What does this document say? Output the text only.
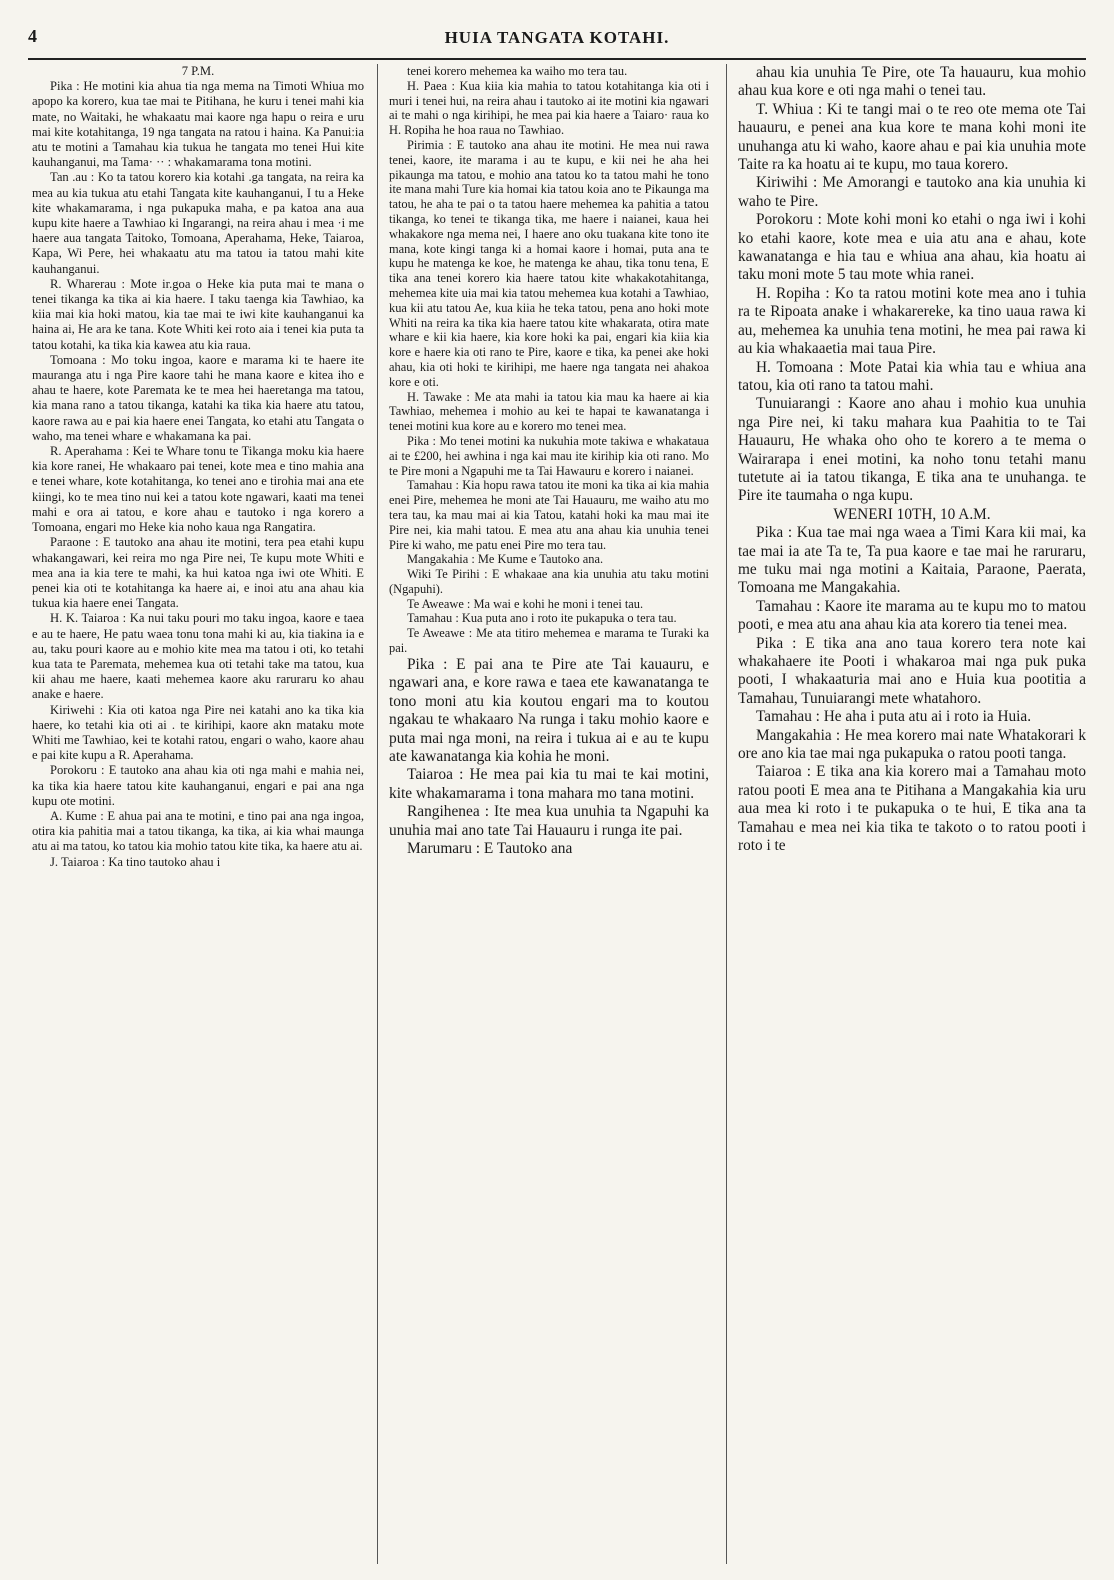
4	HUIA TANGATA KOTAHI.

7 P.M.

Pika : He motini kia ahua tia nga mema na Timoti Whiua mo apopo ka korero, kua tae mai te Pitihana, he kuru i tenei mahi kia mate, no Waitaki, he whakaatu mai kaore nga hapu o reira e uru mai kite kotahitanga, 19 nga tangata na ratou i haina. Ka Panui:ia atu te motini a Tamahau kia tukua he tangata mo tenei Hui kite kauhanganui, ma Tama· ·· : whakamarama tona motini.

Tan .au : Ko ta tatou korero kia kotahi .ga tangata, na reira ka mea au kia tukua atu etahi Tangata kite kauhanganui, I tu a Heke kite whakamarama, i nga pukapuka maha, e pa katoa ana aua kupu kite haere a Tawhiao ki Ingarangi, na reira ahau i mea ·i me haere aua tangata Taitoko, Tomoana, Aperahama, Heke, Taiaroa, Kapa, Wi Pere, hei whakaatu atu ma tatou ia tatou mahi kite kauhanganui.

R. Wharerau : Mote ir.goa o Heke kia puta mai te mana o tenei tikanga ka tika ai kia haere. I taku taenga kia Tawhiao, ka kiia mai kia hoki matou, kia tae mai te iwi kite kauhanganui ka haina ai, He ara ke tana. Kote Whiti kei roto aia i tenei kia puta ta tatou kotahi, ka tika kia kawea atu kia raua.

Tomoana : Mo toku ingoa, kaore e marama ki te haere ite mauranga atu i nga Pire kaore tahi he mana kaore e kitea iho e ahau te haere, kote Paremata ke te mea hei haeretanga ma tatou, kia mana rano a tatou tikanga, katahi ka tika kia haere atu tatou, kaore rawa au e pai kia haere enei Tangata, ko etahi atu Tangata o waho, ma tenei whare e whakamana ka pai.

R. Aperahama : Kei te Whare tonu te Tikanga moku kia haere kia kore ranei, He whakaaro pai tenei, kote mea e tino mahia ana e tenei whare, kote kotahitanga, ko tenei ano e tirohia mai ana ete kiingi, ko te mea tino nui kei a tatou kote ngawari, kaati ma tenei mahi e ora ai tatou, e kore ahau e tautoko i nga korero a Tomoana, engari mo Heke kia noho kaua nga Rangatira.

Paraone : E tautoko ana ahau ite motini, tera pea etahi kupu whakangawari, kei reira mo nga Pire nei, Te kupu mote Whiti e mea ana ia kia tere te mahi, ka hui katoa nga iwi ote Whiti. E penei kia oti te kotahitanga ka haere ai, e inoi atu ana ahau kia tukua kia haere enei Tangata.

H. K. Taiaroa : Ka nui taku pouri mo taku ingoa, kaore e taea e au te haere, He patu waea tonu tona mahi ki au, kia tiakina ia e au, taku pouri kaore au e mohio kite mea ma tatou i oti, ko tetahi kua tata te Paremata, mehemea kua oti tetahi take ma tatou, kua kii ahau me haere, kaati mehemea kaore aku raruraru ko ahau anake e haere.

Kiriwehi : Kia oti katoa nga Pire nei katahi ano ka tika kia haere, ko tetahi kia oti ai . te kirihipi, kaore akn mataku mote Whiti me Tawhiao, kei te kotahi ratou, engari o waho, kaore ahau e pai kite kupu a R. Aperahama.

Porokoru : E tautoko ana ahau kia oti nga mahi e mahia nei, ka tika kia haere tatou kite kauhanganui, engari e pai ana nga kupu ote motini.

A. Kume : E ahua pai ana te motini, e tino pai ana nga ingoa, otira kia pahitia mai a tatou tikanga, ka tika, ai kia whai maunga atu ai ma tatou, ko tatou kia mohio tatou kite tika, ka haere atu ai.

J. Taiaroa : Ka tino tautoko ahau i

tenei korero mehemea ka waiho mo tera tau.

H. Paea : Kua kiia kia mahia to tatou kotahitanga kia oti i muri i tenei hui, na reira ahau i tautoko ai ite motini kia ngawari ai te mahi o nga kirihipi, he mea pai kia haere a Taiaro· raua ko H. Ropiha he hoa raua no Tawhiao.

Pirimia : E tautoko ana ahau ite motini. He mea nui rawa tenei, kaore, ite marama i au te kupu, e kii nei he aha hei pikaunga ma tatou, e mohio ana tatou ko ta tatou mahi he tono ite mana mahi Ture kia homai kia tatou koia ano te Pikaunga ma tatou, he aha te pai o ta tatou haere mehemea ka pahitia a tatou tikanga, ko tenei te tikanga tika, me haere i naianei, kaua hei whakakore nga mema nei, I haere ano oku tuakana kite tono ite mana, kote kingi tanga ki a homai kaore i homai, puta ana te kupu he matenga ke koe, he matenga ke ahau, tika tonu tena, E tika ana tenei korero kia haere tatou kite whakakotahitanga, mehemea kite uia mai kia tatou mehemea kua kotahi a Tawhiao, kua kii atu tatou Ae, kua kiia he teka tatou, pena ano hoki mote Whiti na reira ka tika kia haere tatou kite whakarata, otira mate whare e kii kia haere, kia kore hoki ka pai, engari kia kiia kia kore e haere kia oti rano te Pire, kaore e tika, ka penei ake hoki ahau, kia oti hoki te kirihipi, me haere nga tangata nei ahakoa kore e oti.

H. Tawake : Me ata mahi ia tatou kia mau ka haere ai kia Tawhiao, mehemea i mohio au kei te hapai te kawanatanga i tenei motini kua kore au e korero mo tenei mea.

Pika : Mo tenei motini ka nukuhia mote takiwa e whakataua ai te £200, hei awhina i nga kai mau ite kirihip kia oti rano. Mo te Pire moni a Ngapuhi me ta Tai Hawauru e korero i naianei.

Tamahau : Kia hopu rawa tatou ite moni ka tika ai kia mahia enei Pire, mehemea he moni ate Tai Hauauru, me waiho atu mo tera tau, ka mau mai ai kia Tatou, katahi hoki ka mau mai ite Pire nei, kia mahi tatou. E mea atu ana ahau kia unuhia tenei Pire ki waho, me patu enei Pire mo tera tau.

Mangakahia : Me Kume e Tautoko ana.

Wiki Te Pirihi : E whakaae ana kia unuhia atu taku motini (Ngapuhi).

Te Aweawe : Ma wai e kohi he moni i tenei tau.

Tamahau : Kua puta ano i roto ite pukapuka o tera tau.

Te Aweawe : Me ata titiro mehemea e marama te Turaki ka pai.

Pika : E pai ana te Pire ate Tai kauauru, e ngawari ana, e kore rawa e taea ete kawanatanga te tono moni atu kia koutou engari ma to koutou ngakau te whakaaro Na runga i taku mohio kaore e puta mai nga moni, na reira i tukua ai e au te kupu ate kawanatanga kia kohia he moni.

Taiaroa : He mea pai kia tu mai te kai motini, kite whakamarama i tona mahara mo tana motini.

Rangihenea : Ite mea kua unuhia ta Ngapuhi ka unuhia mai ano tate Tai Hauauru i runga ite pai.

Marumaru : E Tautoko ana

ahau kia unuhia Te Pire, ote Ta hauauru, kua mohio ahau kua kore e oti nga mahi o tenei tau.

T. Whiua : Ki te tangi mai o te reo ote mema ote Tai hauauru, e penei ana kua kore te mana kohi moni ite unuhanga atu ki waho, kaore ahau e pai kia unuhia mote Taite ra ka hoatu ai te kupu, mo taua korero.

Kiriwihi : Me Amorangi e tautoko ana kia unuhia ki waho te Pire.

Porokoru : Mote kohi moni ko etahi o nga iwi i kohi ko etahi kaore, kote mea e uia atu ana e ahau, kote kawanatanga e hia tau e whiua ana ahau, kia hoatu ai taku moni mote 5 tau mote whia ranei.

H. Ropiha : Ko ta ratou motini kote mea ano i tuhia ra te Ripoata anake i whakarereke, ka tino uaua rawa ki au, mehemea ka unuhia tena motini, he mea pai rawa ki au kia whakaaetia mai taua Pire.

H. Tomoana : Mote Patai kia whia tau e whiua ana tatou, kia oti rano ta tatou mahi.

Tunuiarangi : Kaore ano ahau i mohio kua unuhia nga Pire nei, ki taku mahara kua Paahitia to te Tai Hauauru, He whaka oho oho te korero a te mema o Wairarapa i enei motini, ka noho tonu tetahi manu tutetute ai ia tatou tikanga, E tika ana te unuhanga. te Pire ite taumaha o nga kupu.

WENERI 10TH, 10 A.M.

Pika : Kua tae mai nga waea a Timi Kara kii mai, ka tae mai ia ate Ta te, Ta pua kaore e tae mai he raruraru, me tuku mai nga motini a Kaitaia, Paraone, Paerata, Tomoana me Mangakahia.

Tamahau : Kaore ite marama au te kupu mo to matou pooti, e mea atu ana ahau kia ata korero tia tenei mea.

Pika : E tika ana ano taua korero tera note kai whakahaere ite Pooti i whakaroa mai nga puk puka pooti, I whakaaturia mai ano e Huia kua pootitia a Tamahau, Tunuiarangi mete whatahoro.

Tamahau : He aha i puta atu ai i roto ia Huia.

Mangakahia : He mea korero mai nate Whatakorari k ore ano kia tae mai nga pukapuka o ratou pooti tanga.

Taiaroa : E tika ana kia korero mai a Tamahau moto ratou pooti E mea ana te Pitihana a Mangakahia kia uru aua mea ki roto i te pukapuka o te hui, E tika ana ta Tamahau e mea nei kia tika te takoto o to ratou pooti i roto i te
